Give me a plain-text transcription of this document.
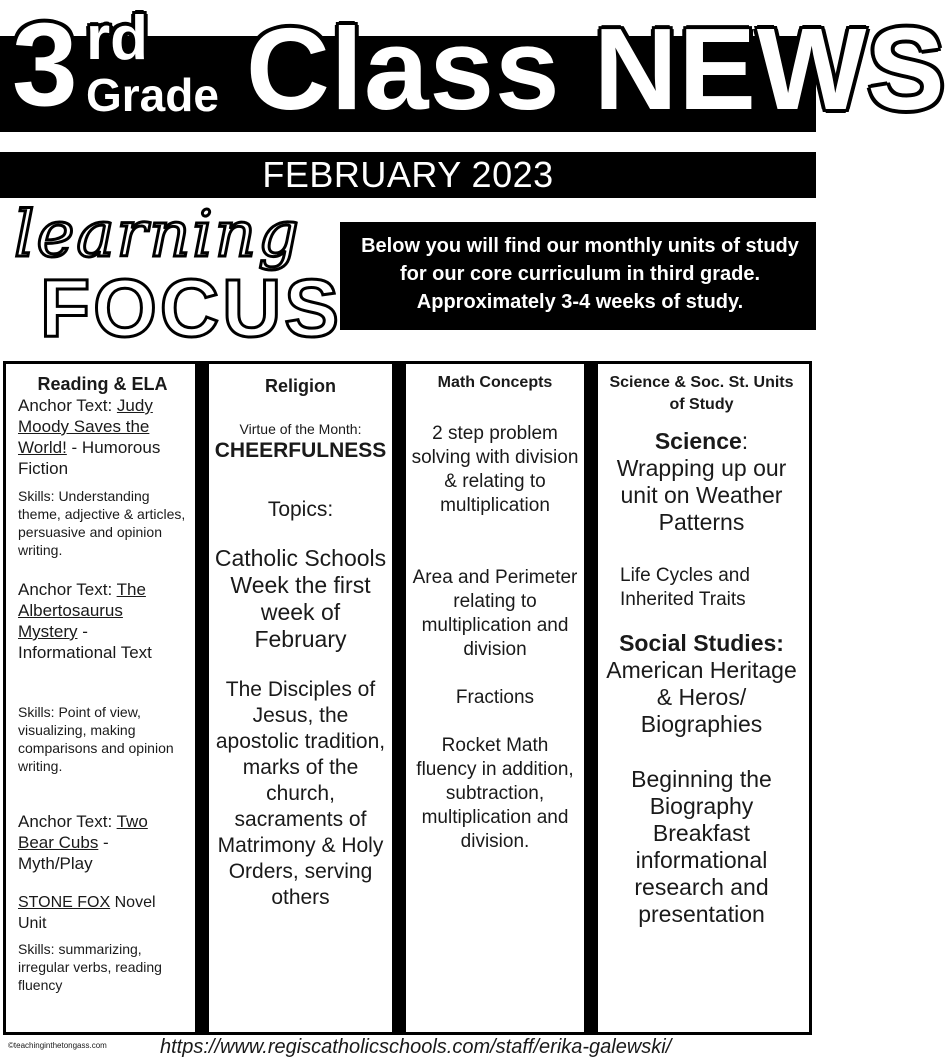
3 rd
Grade Class NEWS
FEBRUARY 2023
learning
FOCUS
Below you will find our monthly units of study for our core curriculum in third grade. Approximately 3-4 weeks of study.
Reading & ELA
Anchor Text: Judy Moody Saves the World! - Humorous Fiction
Skills: Understanding theme, adjective & articles, persuasive and opinion writing.
Anchor Text: The Albertosaurus Mystery - Informational Text
Skills: Point of view, visualizing, making comparisons and opinion writing.
Anchor Text: Two Bear Cubs - Myth/Play
STONE FOX Novel Unit
Skills: summarizing, irregular verbs, reading fluency
Religion
Virtue of the Month:
CHEERFULNESS
Topics:
Catholic Schools Week the first week of February
The Disciples of Jesus, the apostolic tradition, marks of the church, sacraments of Matrimony & Holy Orders, serving others
Math Concepts
2 step problem solving with division & relating to multiplication
Area and Perimeter relating to multiplication and division
Fractions
Rocket Math fluency in addition, subtraction, multiplication and division.
Science & Soc. St. Units of Study
Science:
Wrapping up our unit on Weather Patterns
Life Cycles and Inherited Traits
Social Studies:
American Heritage & Heros/ Biographies
Beginning the Biography Breakfast informational research and presentation
©teachinginthetongass.com	https://www.regiscatholicschools.com/staff/erika-galewski/
